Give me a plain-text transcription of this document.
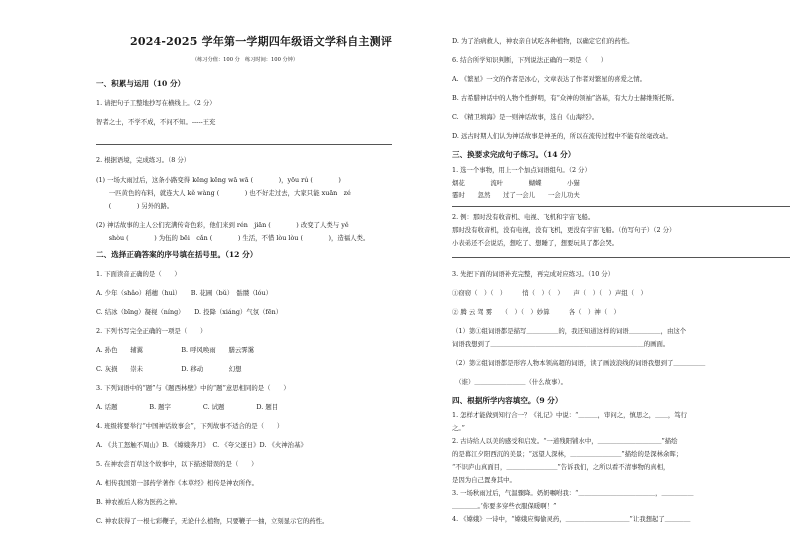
2024-2025 学年第一学期四年级语文学科自主测评
（练习分值：100 分　练习时间：100 分钟）
一、积累与运用（10 分）
1. 请把句子工整地抄写在横线上。（2 分）
智者之士，不学不成，不问不知。-----王充
2. 根据语境，完成练习。（8 分）
(1) 一场大雨过后，这条小路变得 kēng kēng wā wā (　　　　)，yōu rú (　　　　)
　　一匹黄色的布料，就连大人 kě wàng (　　　　) 也不好走过去，大家只能 xuān　zé
　　(　　　　) 另外的路。
(2) 神话故事的主人公们充满传奇色彩，他们来到 rén　jiān (　　　　) 改变了人类与 yě
　　shòu (　　　　) 为伍的 bēi　cǎn (　　　　) 生活，不惜 lòu lòu (　　　　)，造福人类。
二、选择正确答案的序号填在括号里。（12 分）
1. 下面读音正确的是（　　）
A. 少年（shǎo）稻穗（huì）　　B. 花圃（bǔ）　骷髅（lóu）
C. 结冰（bīng）凝视（níng）　　D. 投降（xiáng）气氛（fēn）
2. 下列书写完全正确的一项是（　　）
A. 孙色　　辅翼　　　　　　B. 呼风唤雨　　膳云霁霭
C. 灰损　　崇未　　　　　　D. 移动　　　　幻想
3. 下列词语中的“题”与《题西林壁》中的“题”意思相同的是（　　）
A. 话题　　　　　B. 题字　　　　　C. 试题　　　　　D. 题目
4. 班级将要举行“中国神话故事会”，下列故事不适合的是（　　）
A. 《共工怒触不周山》B. 《嫦娥奔月》　C. 《夸父逐日》D. 《火神治基》
5. 在神农尝百草这个故事中，以下描述错误的是（　　）
A. 相传我国第一部药学著作《本草经》相传是神农所作。
B. 神农被后人称为医药之神。
C. 神农获得了一根七彩鞭子，无论什么植物，只要鞭子一抽，立刻显示它的药性。
D. 为了治病救人，神农亲自试吃各种植物，以确定它们的药性。
6. 结合所学知识判断，下列说法正确的一项是（　　）
A. 《繁星》一文的作者是冰心，文章表达了作者对繁星的喜爱之情。
B. 古希腊神话中的人物个性鲜明，有“众神的领袖”洛基，有大力士赫维斯托斯。
C. 《精卫填海》是一则神话故事，选自《山海经》。
D. 远古时期人们认为神话故事是神圣的，所以在流传过程中不能有丝毫改动。
三、换要求完成句子练习。（14 分）
1. 选一个事物，用上一个加点词语组句。（2 分）
烟花　　　　流叶　　　　蝴蝶　　　　小猫
霎时　　忽然　　过了一会儿　　一会儿功夫
2. 例：那时没有收音机、电视、飞机和宇宙飞船。
那时没有收音机，没有电视，没有飞机，更没有宇宙飞船。（仿写句子）（2 分）
小表弟还不会说话，想吃了、想睡了，想要玩具了都会哭。
3. 先把下面的词语补充完整，再完成对应练习。（10 分）
①窃窃（　）（　）　　　悄（　）（　）　　声（　）（　）声组（　）
② 腾 云 驾 雾　　（　）（　）妙算　　　各（　）神（　）
（1）第①组词语都是描写＿＿＿＿＿的，我还知道这样的词语＿＿＿＿＿，由这个
词语我想到了＿＿＿＿＿＿＿＿＿＿＿＿＿＿＿＿＿＿＿＿＿＿＿＿的画面。
（2）第②组词语都是形容人物本领高超的词语，读了画波浪线的词语我想到了＿＿＿＿＿
　（谁）＿＿＿＿＿＿＿＿（什么故事）。
四、根据所学内容填空。（9 分）
1. 怎样才能做到知行合一？《礼记》中说：“＿＿＿，审问之，慎思之，＿＿，笃行
之。”
2. 古诗给人以美的感受和启发。“一道残阳铺水中，＿＿＿＿＿＿＿＿＿＿”描绘
的是暮江夕阳西沉的美景；“远望人深林，＿＿＿＿＿＿＿＿”描绘的是深林余晖；
“不识庐山真面目，＿＿＿＿＿＿＿＿”告诉我们，之所以看不清事物的真相，
是因为自己置身其中。
3. 一场秋雨过后，气温骤降。奶奶嘱咐我：“＿＿＿＿＿＿＿＿＿＿＿＿，＿＿＿＿＿
＿＿＿＿。’你要多穿些衣服保暖啊！”
4. 《嫦娥》一诗中，“嫦娥应悔偷灵药，＿＿＿＿＿＿＿＿＿＿”让我想起了＿＿＿＿
